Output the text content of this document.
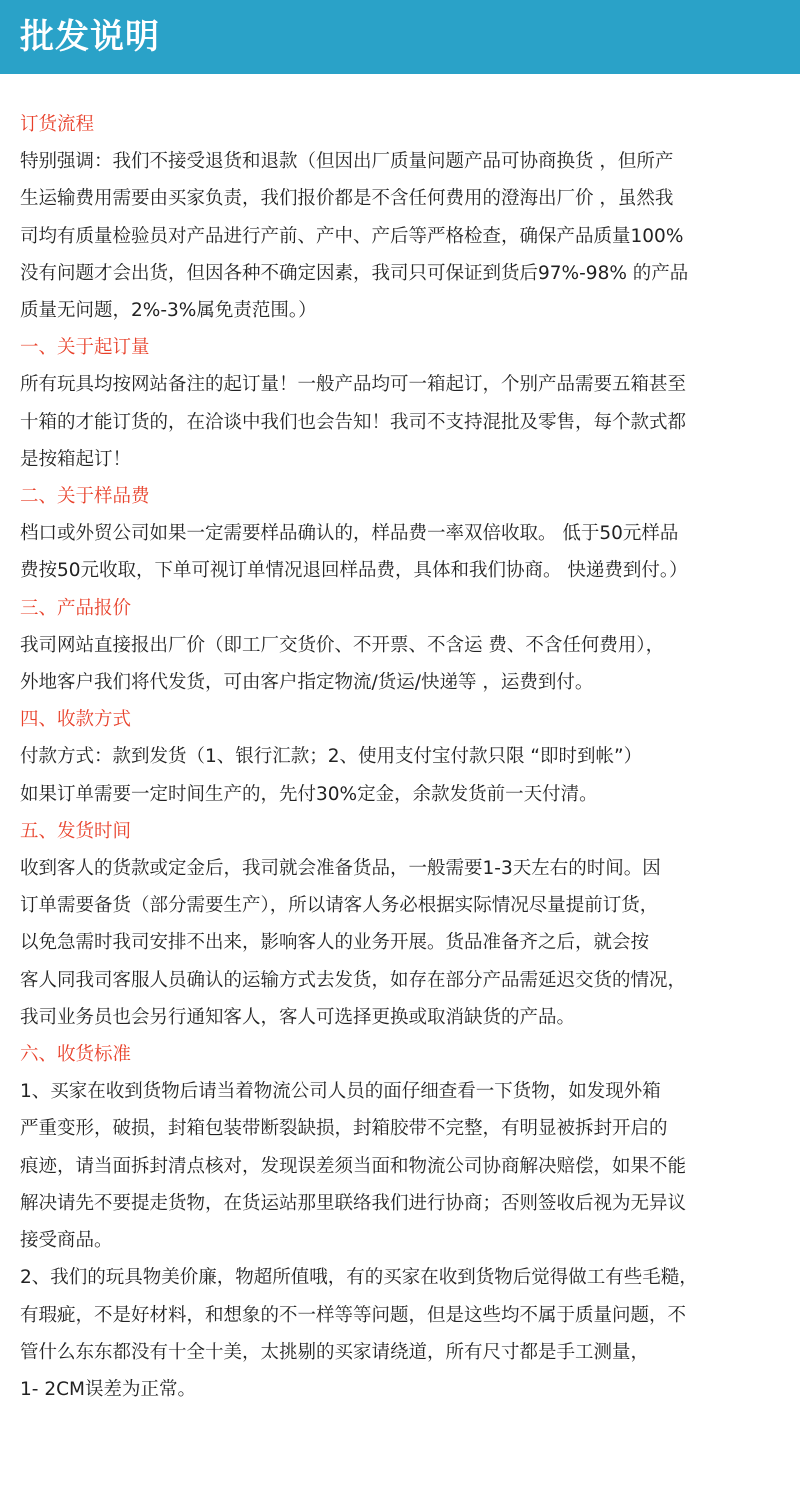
批发说明
订货流程
特别强调：我们不接受退货和退款（但因出厂质量问题产品可协商换货 ，但所产
生运输费用需要由买家负责，我们报价都是不含任何费用的澄海出厂价 ，虽然我
司均有质量检验员对产品进行产前、产中、产后等严格检查，确保产品质量100%
没有问题才会出货，但因各种不确定因素，我司只可保证到货后97%-98% 的产品
质量无问题，2%-3%属免责范围。）
一、关于起订量
所有玩具均按网站备注的起订量！一般产品均可一箱起订，个别产品需要五箱甚至
十箱的才能订货的，在洽谈中我们也会告知！我司不支持混批及零售，每个款式都
是按箱起订！
二、关于样品费
档口或外贸公司如果一定需要样品确认的，样品费一率双倍收取。 低于50元样品
费按50元收取，下单可视订单情况退回样品费，具体和我们协商。 快递费到付。）
三、产品报价
我司网站直接报出厂价（即工厂交货价、不开票、不含运 费、不含任何费用），
外地客户我们将代发货，可由客户指定物流/货运/快递等 ，运费到付。
四、收款方式
付款方式：款到发货（1、银行汇款；2、使用支付宝付款只限 “即时到帐”）
如果订单需要一定时间生产的，先付30%定金，余款发货前一天付清。
五、发货时间
收到客人的货款或定金后，我司就会准备货品，一般需要1-3天左右的时间。因
订单需要备货（部分需要生产），所以请客人务必根据实际情况尽量提前订货，
以免急需时我司安排不出来，影响客人的业务开展。货品准备齐之后，就会按
客人同我司客服人员确认的运输方式去发货，如存在部分产品需延迟交货的情况，
我司业务员也会另行通知客人，客人可选择更换或取消缺货的产品。
六、收货标准
1、买家在收到货物后请当着物流公司人员的面仔细查看一下货物，如发现外箱
严重变形，破损，封箱包装带断裂缺损，封箱胶带不完整，有明显被拆封开启的
痕迹，请当面拆封清点核对，发现误差须当面和物流公司协商解决赔偿，如果不能
解决请先不要提走货物，在货运站那里联络我们进行协商；否则签收后视为无异议
接受商品。
2、我们的玩具物美价廉，物超所值哦，有的买家在收到货物后觉得做工有些毛糙，
有瑕疵，不是好材料，和想象的不一样等等问题，但是这些均不属于质量问题，不
管什么东东都没有十全十美，太挑剔的买家请绕道，所有尺寸都是手工测量，
1- 2CM误差为正常。
